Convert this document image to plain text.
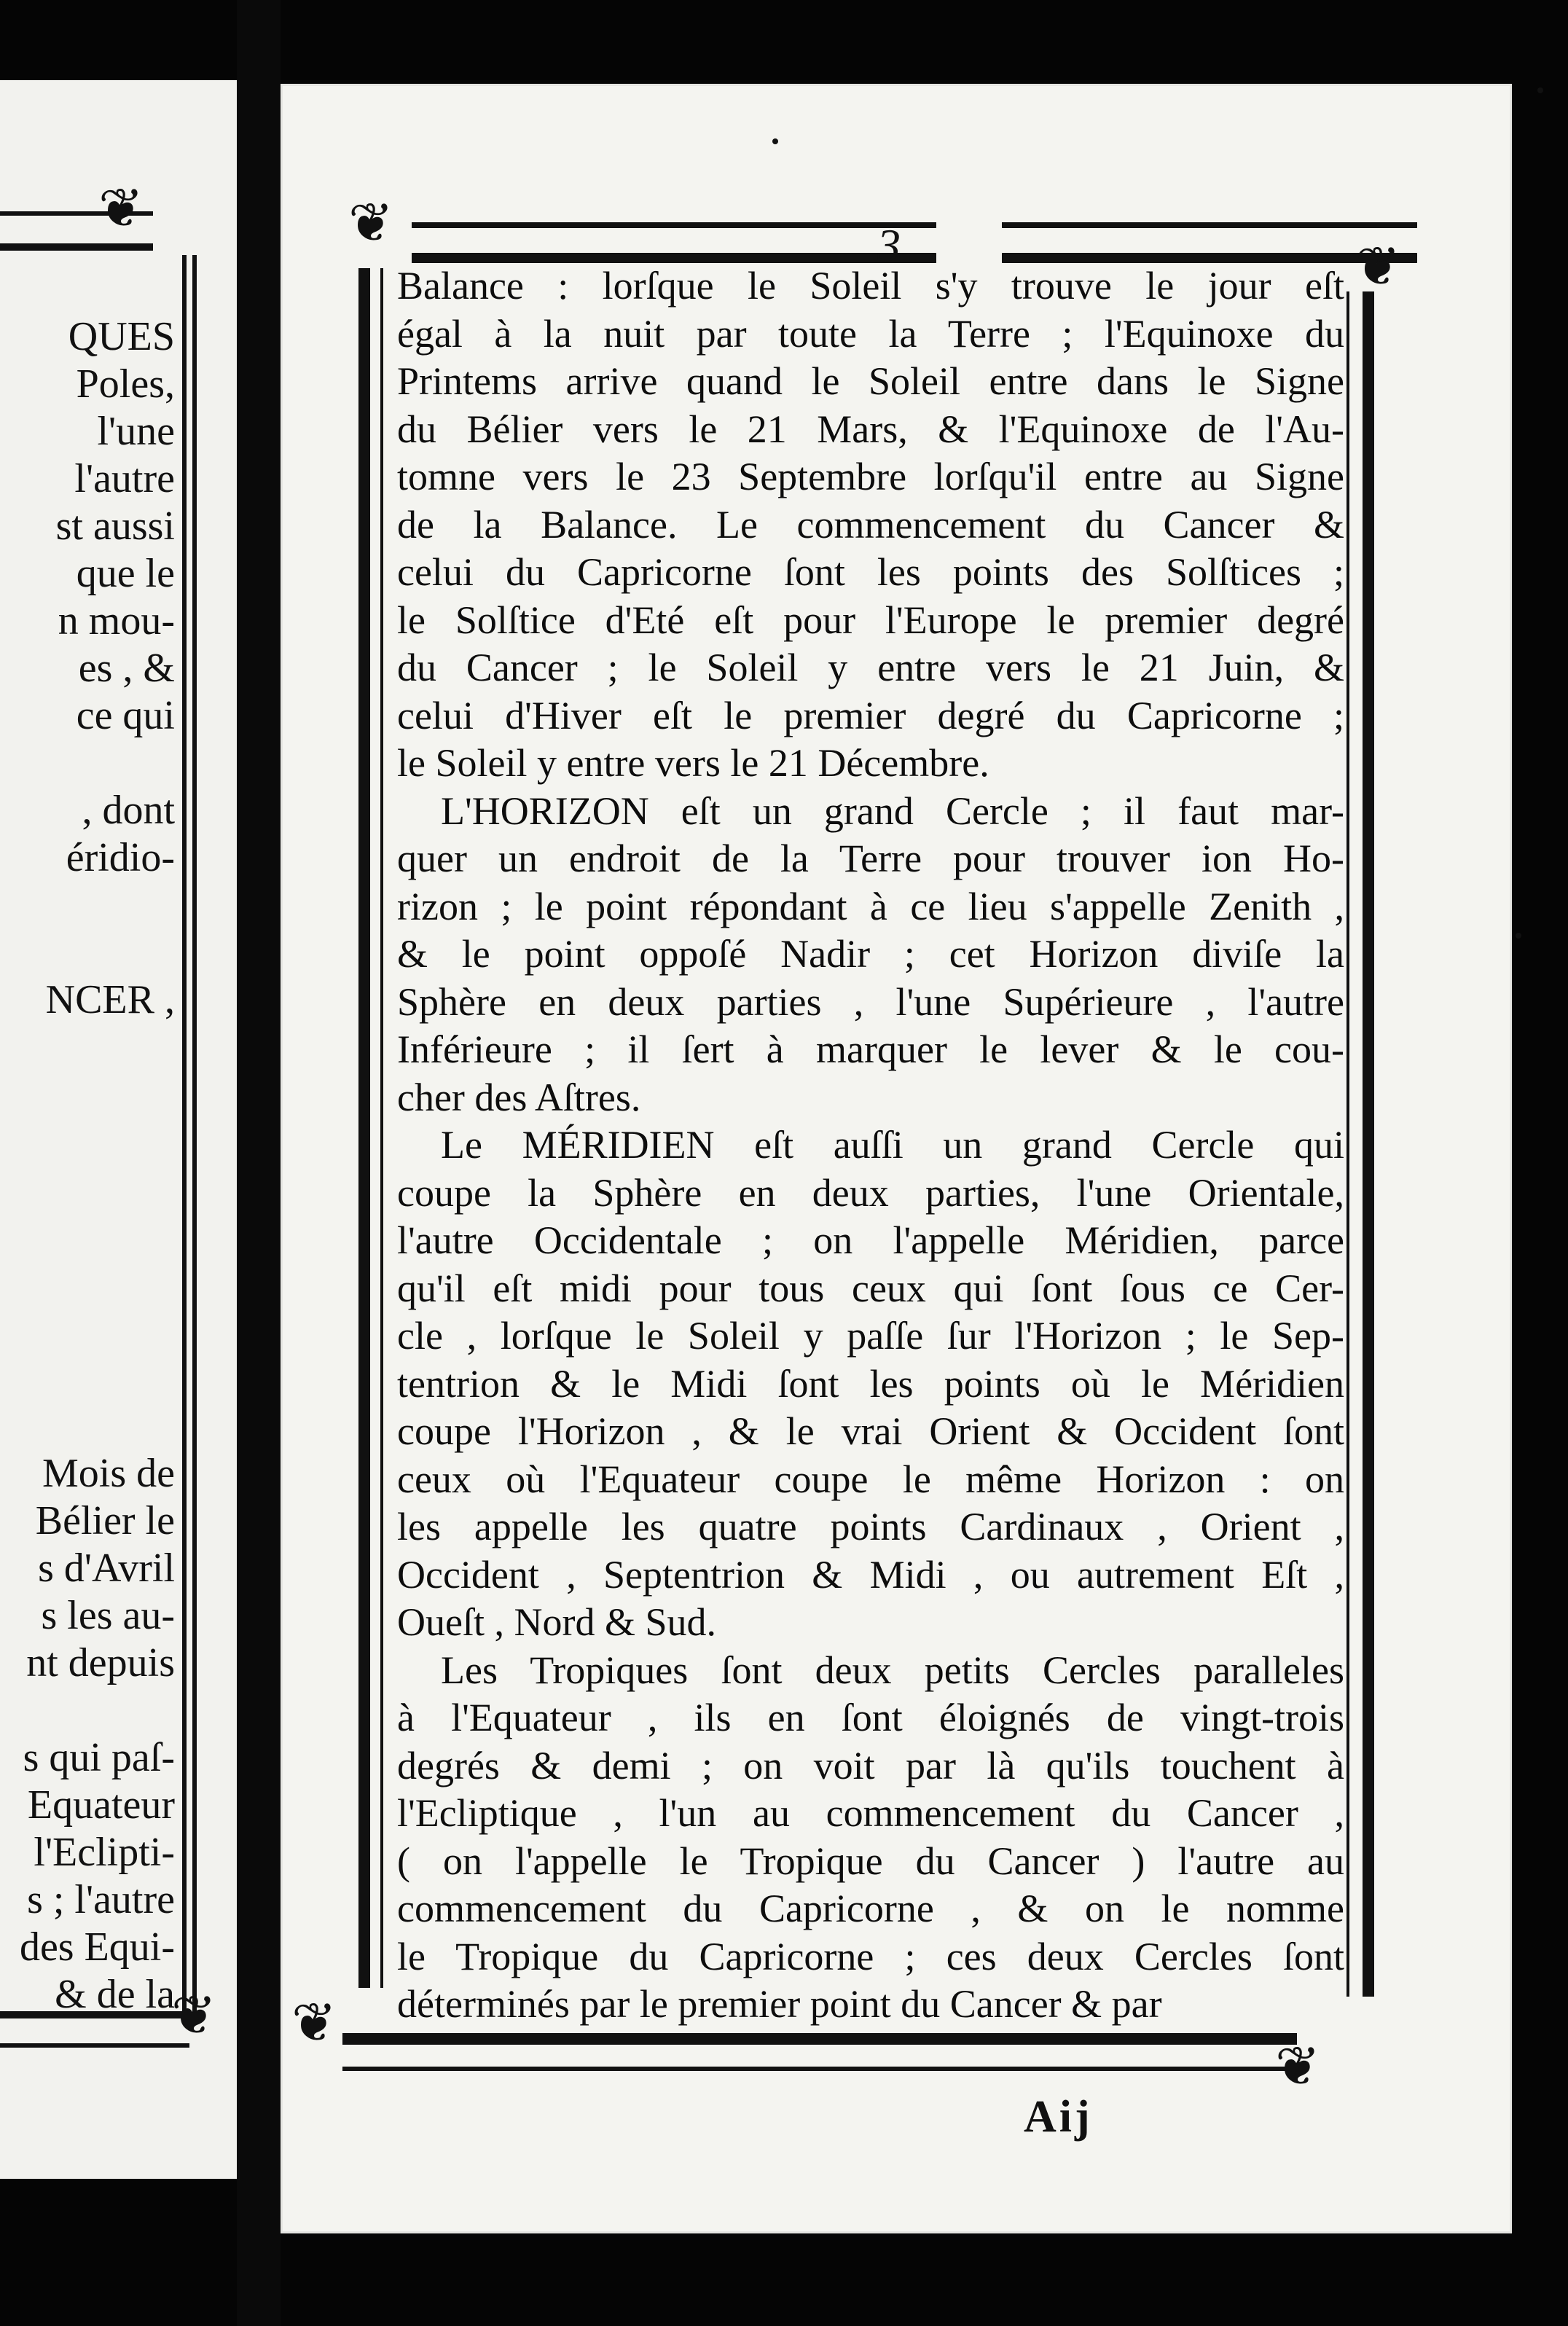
❦
QUES
Poles,
l'une
l'autre
st aussi
que le
n mou-
es , &
ce qui
, dont
éridio-
NCER ,
Mois de
Bélier le
s d'Avril
s les au-
nt depuis
s qui paſ-
Equateur
l'Eclipti-
s ; l'autre
des Equi-
& de la
❦
❦
❦
3
Balance : lorſque le Soleil s'y trouve le jour eſt
égal à la nuit par toute la Terre ; l'Equinoxe du
Printems arrive quand le Soleil entre dans le Signe
du Bélier vers le 21 Mars, & l'Equinoxe de l'Au-
tomne vers le 23 Septembre lorſqu'il entre au Signe
de la Balance. Le commencement du Cancer &
celui du Capricorne ſont les points des Solſtices ;
le Solſtice d'Eté eſt pour l'Europe le premier degré
du Cancer ; le Soleil y entre vers le 21 Juin, &
celui d'Hiver eſt le premier degré du Capricorne ;
le Soleil y entre vers le 21 Décembre.
L'HORIZON eſt un grand Cercle ; il faut mar-
quer un endroit de la Terre pour trouver ion Ho-
rizon ; le point répondant à ce lieu s'appelle Zenith ,
& le point oppoſé Nadir ; cet Horizon diviſe la
Sphère en deux parties , l'une Supérieure , l'autre
Inférieure ; il ſert à marquer le lever & le cou-
cher des Aſtres.
Le MÉRIDIEN eſt auſſi un grand Cercle qui
coupe la Sphère en deux parties, l'une Orientale,
l'autre Occidentale ; on l'appelle Méridien, parce
qu'il eſt midi pour tous ceux qui ſont ſous ce Cer-
cle , lorſque le Soleil y paſſe ſur l'Horizon ; le Sep-
tentrion & le Midi ſont les points où le Méridien
coupe l'Horizon , & le vrai Orient & Occident ſont
ceux où l'Equateur coupe le même Horizon : on
les appelle les quatre points Cardinaux , Orient ,
Occident , Septentrion & Midi , ou autrement Eſt ,
Oueſt , Nord & Sud.
Les Tropiques ſont deux petits Cercles paralleles
à l'Equateur , ils en ſont éloignés de vingt-trois
degrés & demi ; on voit par là qu'ils touchent à
l'Ecliptique , l'un au commencement du Cancer ,
( on l'appelle le Tropique du Cancer ) l'autre au
commencement du Capricorne , & on le nomme
le Tropique du Capricorne ; ces deux Cercles ſont
déterminés par le premier point du Cancer & par
❦
❦
Aij
